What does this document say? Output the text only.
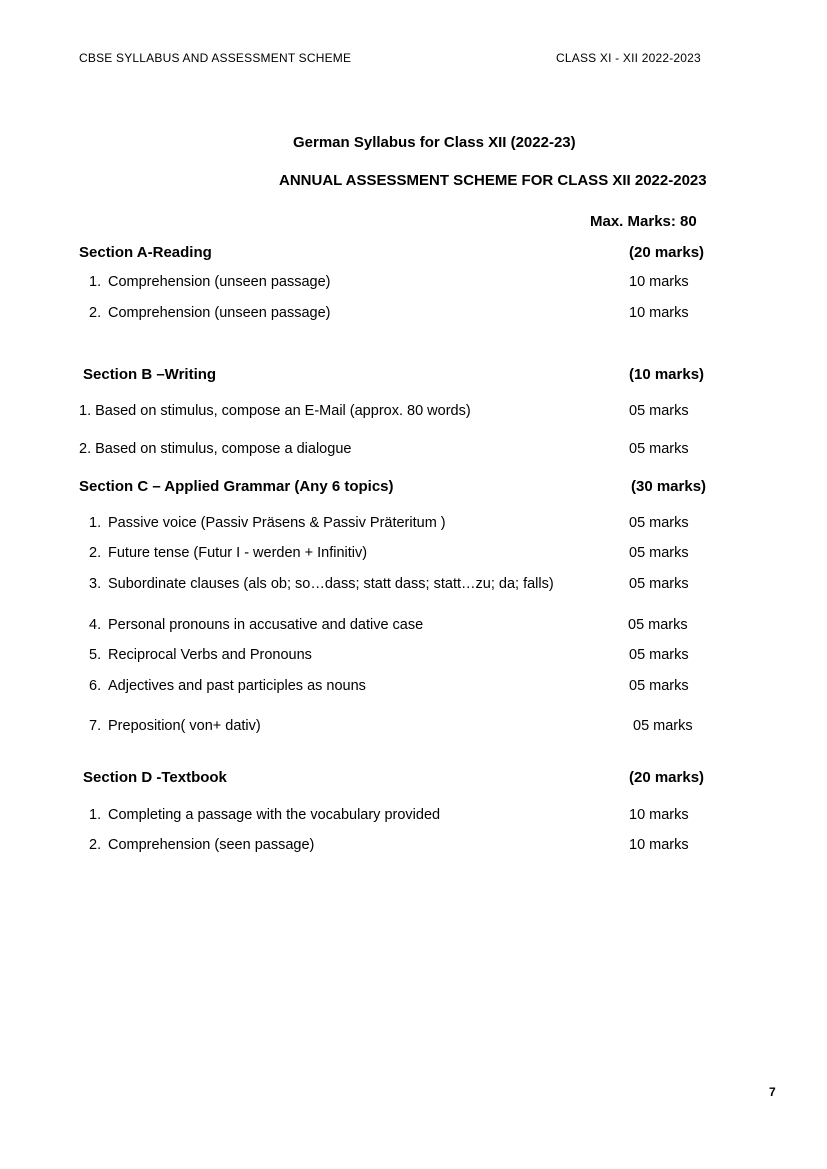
CBSE SYLLABUS AND ASSESSMENT SCHEME	CLASS XI - XII 2022-2023
German Syllabus for Class XII (2022-23)
ANNUAL ASSESSMENT SCHEME FOR CLASS XII 2022-2023
Max. Marks: 80
Section A-Reading	(20 marks)
1. Comprehension (unseen passage)	10 marks
2. Comprehension (unseen passage)	10 marks
Section B –Writing	(10 marks)
1. Based on stimulus, compose an E-Mail (approx. 80 words)	05 marks
2. Based on stimulus, compose a dialogue	05 marks
Section C – Applied Grammar (Any 6 topics)	(30 marks)
1. Passive voice (Passiv Präsens & Passiv Präteritum )	05 marks
2. Future tense (Futur I - werden + Infinitiv)	05 marks
3. Subordinate clauses (als ob; so…dass; statt dass; statt…zu; da; falls)	05 marks
4. Personal pronouns in accusative and dative case	05 marks
5. Reciprocal Verbs and Pronouns	05 marks
6. Adjectives and past participles as nouns	05 marks
7. Preposition( von+ dativ)	05 marks
Section D -Textbook	(20 marks)
1. Completing a passage with the vocabulary provided	10 marks
2. Comprehension (seen passage)	10 marks
7
